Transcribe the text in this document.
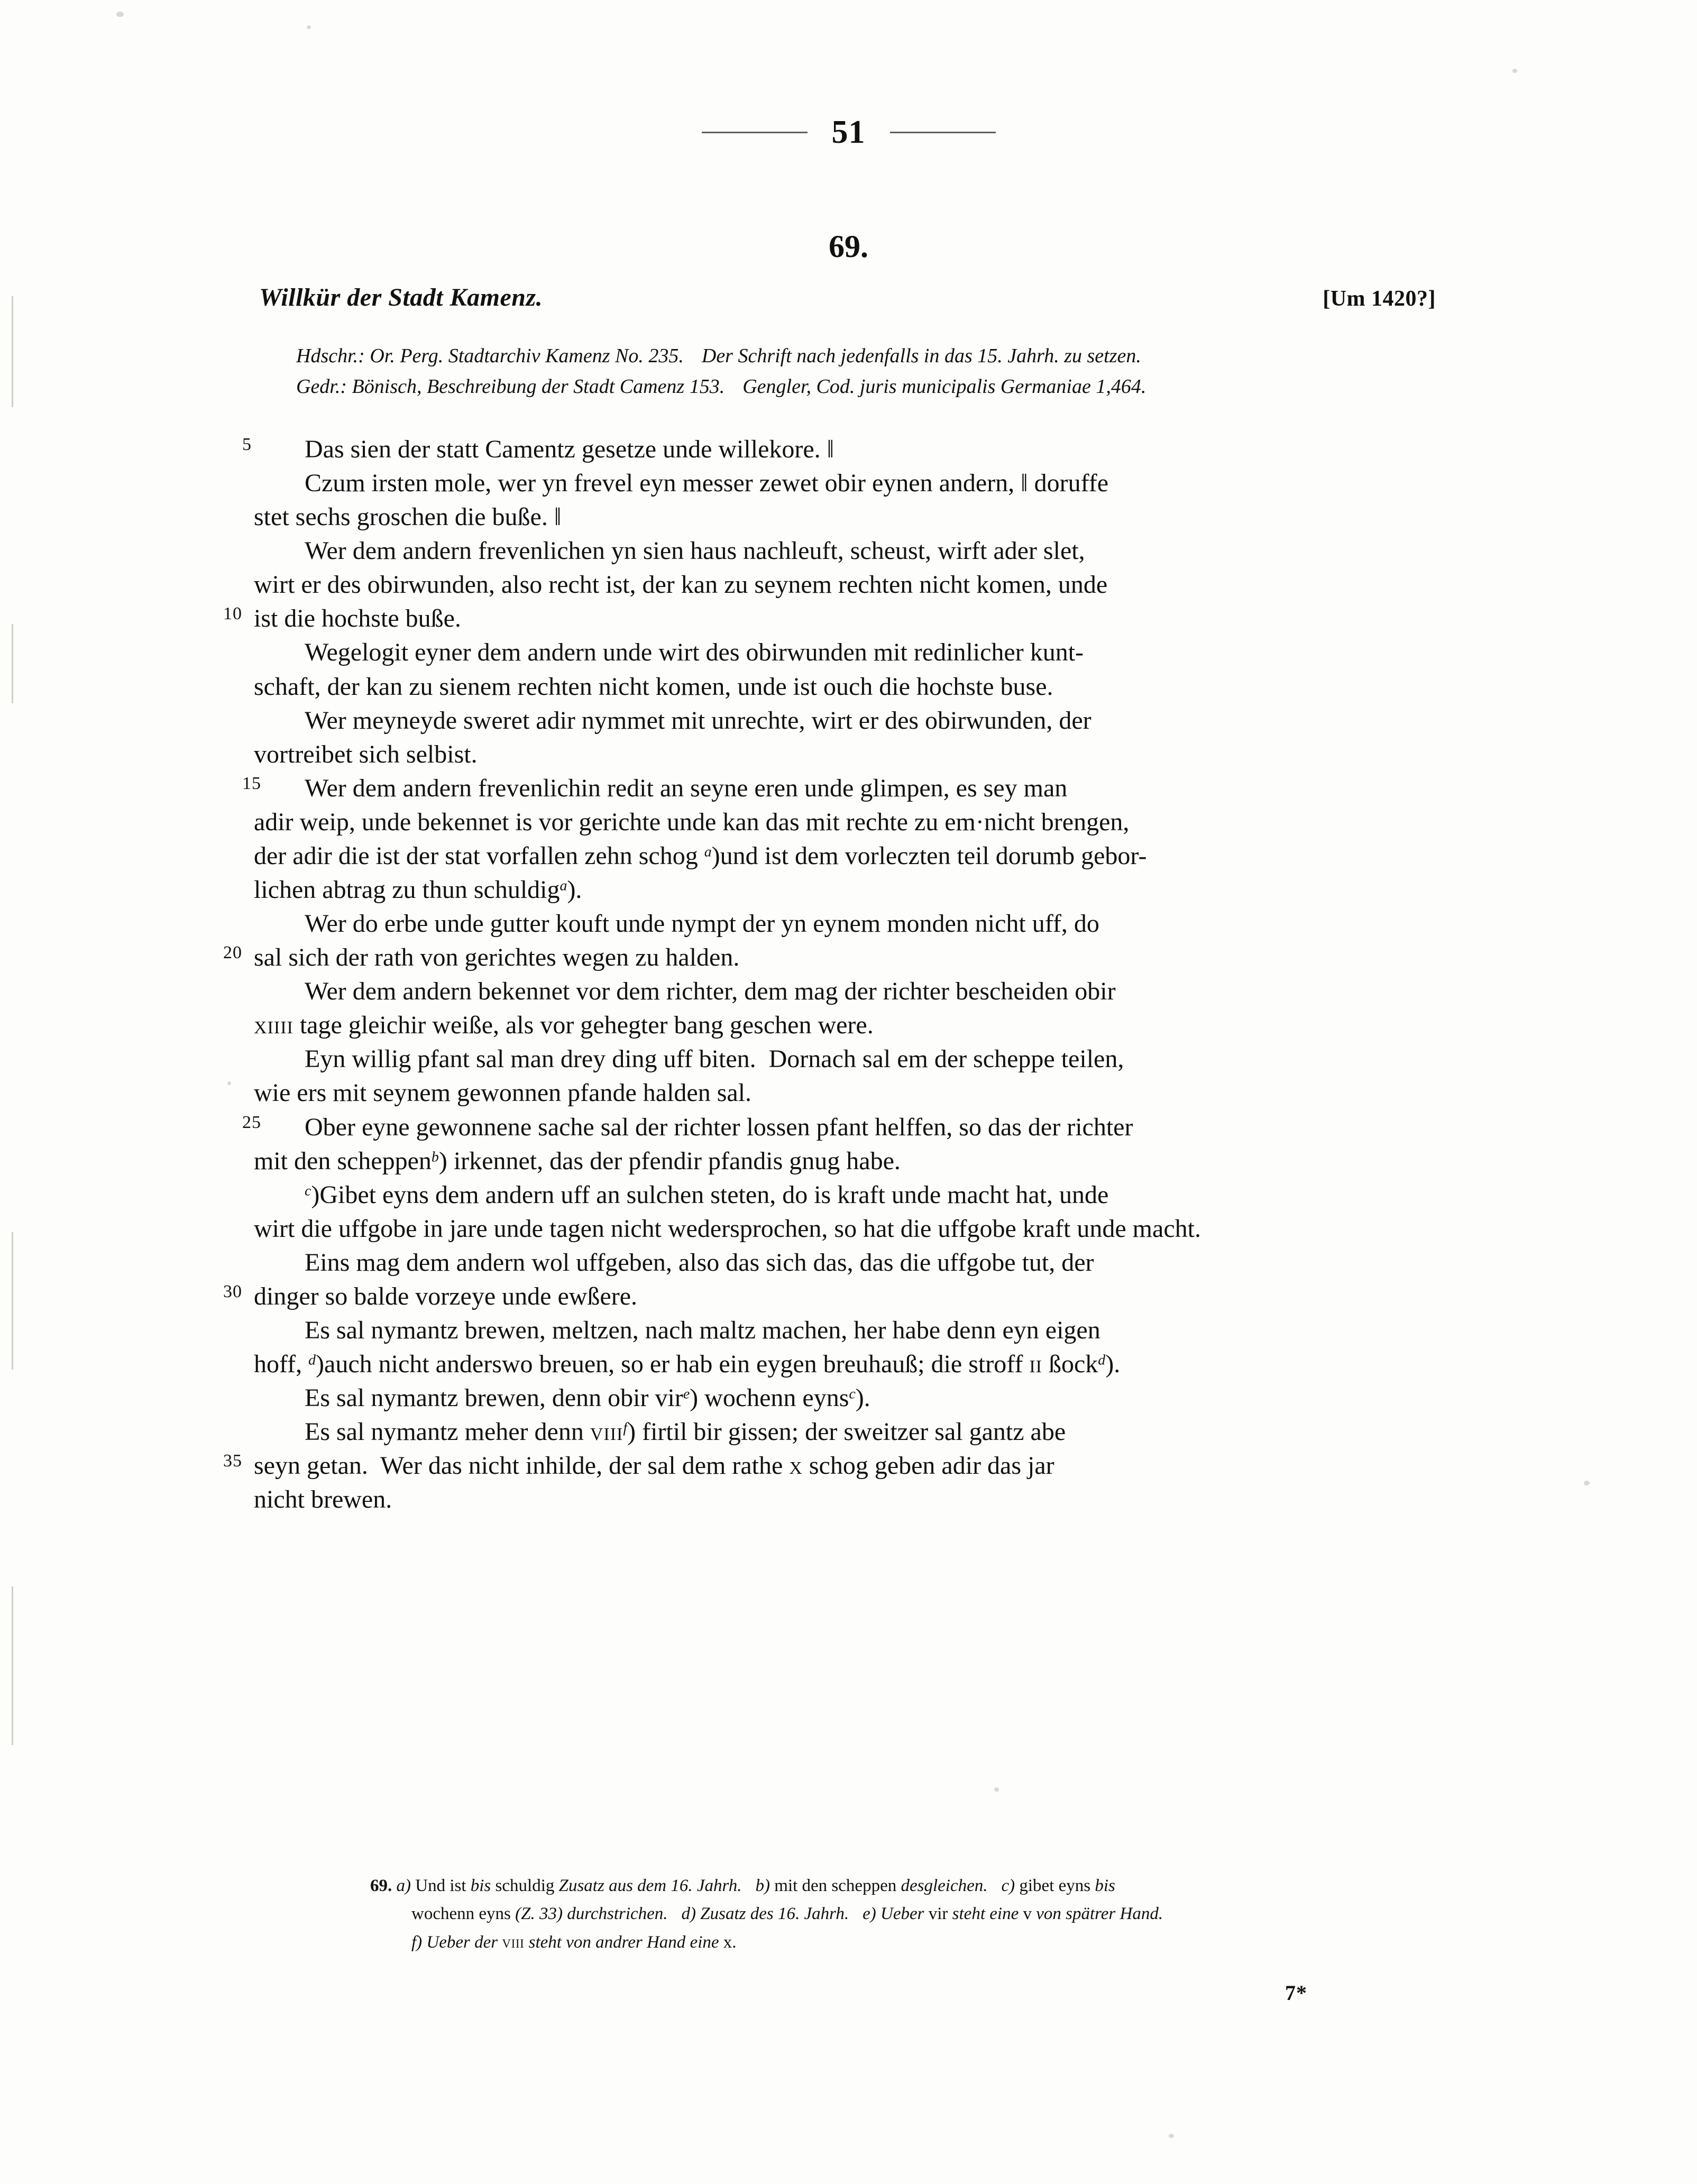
51
69.
Willkür der Stadt Kamenz.	[Um 1420?]
Hdschr.: Or. Perg. Stadtarchiv Kamenz No. 235. Der Schrift nach jedenfalls in das 15. Jahrh. zu setzen.
Gedr.: Bönisch, Beschreibung der Stadt Camenz 153. Gengler, Cod. juris municipalis Germaniae 1,464.
5 Das sien der statt Camentz gesetze unde willekore. ‖
Czum irsten mole, wer yn frevel eyn messer zewet obir eynen andern, ‖ doruffe
stet sechs groschen die buße. ‖
Wer dem andern frevenlichen yn sien haus nachleuft, scheust, wirft ader slet,
wirt er des obirwunden, also recht ist, der kan zu seynem rechten nicht komen, unde
10 ist die hochste buße.
Wegelogit eyner dem andern unde wirt des obirwunden mit redinlicher kunt-
schaft, der kan zu sienem rechten nicht komen, unde ist ouch die hochste buse.
Wer meyneyde sweret adir nymmet mit unrechte, wirt er des obirwunden, der
vortreibet sich selbist.
15 Wer dem andern frevenlichin redit an seyne eren unde glimpen, es sey man
adir weip, unde bekennet is vor gerichte unde kan das mit rechte zu em·nicht brengen,
der adir die ist der stat vorfallen zehn schog $^a$)und ist dem vorleczten teil dorumb gebor-
lichen abtrag zu thun schuldig$^a$).
Wer do erbe unde gutter kouft unde nympt der yn eynem monden nicht uff, do
20 sal sich der rath von gerichtes wegen zu halden.
Wer dem andern bekennet vor dem richter, dem mag der richter bescheiden obir
xiiii tage gleichir weiße, als vor gehegter bang geschen were.
Eyn willig pfant sal man drey ding uff biten.  Dornach sal em der scheppe teilen,
wie ers mit seynem gewonnen pfande halden sal.
25 Ober eyne gewonnene sache sal der richter lossen pfant helffen, so das der richter
mit den scheppen$^b$) irkennet, das der pfendir pfandis gnug habe.
$^c$)Gibet eyns dem andern uff an sulchen steten, do is kraft unde macht hat, unde
wirt die uffgobe in jare unde tagen nicht wedersprochen, so hat die uffgobe kraft unde macht.
Eins mag dem andern wol uffgeben, also das sich das, das die uffgobe tut, der
30 dinger so balde vorzeye unde ewßere.
Es sal nymantz brewen, meltzen, nach maltz machen, her habe denn eyn eigen
hoff, $^d$)auch nicht anderswo breuen, so er hab ein eygen breuhauß; die stroff ii ßock$^d$).
Es sal nymantz brewen, denn obir vir$^e$) wochenn eyns$^c$).
Es sal nymantz meher denn viii$^f$) firtil bir gissen; der sweitzer sal gantz abe
35 seyn getan.  Wer das nicht inhilde, der sal dem rathe x schog geben adir das jar
nicht brewen.
69. a) Und ist bis schuldig Zusatz aus dem 16. Jahrh. b) mit den scheppen desgleichen. c) gibet eyns bis
wochenn eyns (Z. 33) durchstrichen. d) Zusatz des 16. Jahrh. e) Ueber vir steht eine v von spätrer Hand.
f) Ueber der viii steht von andrer Hand eine x.
7*
